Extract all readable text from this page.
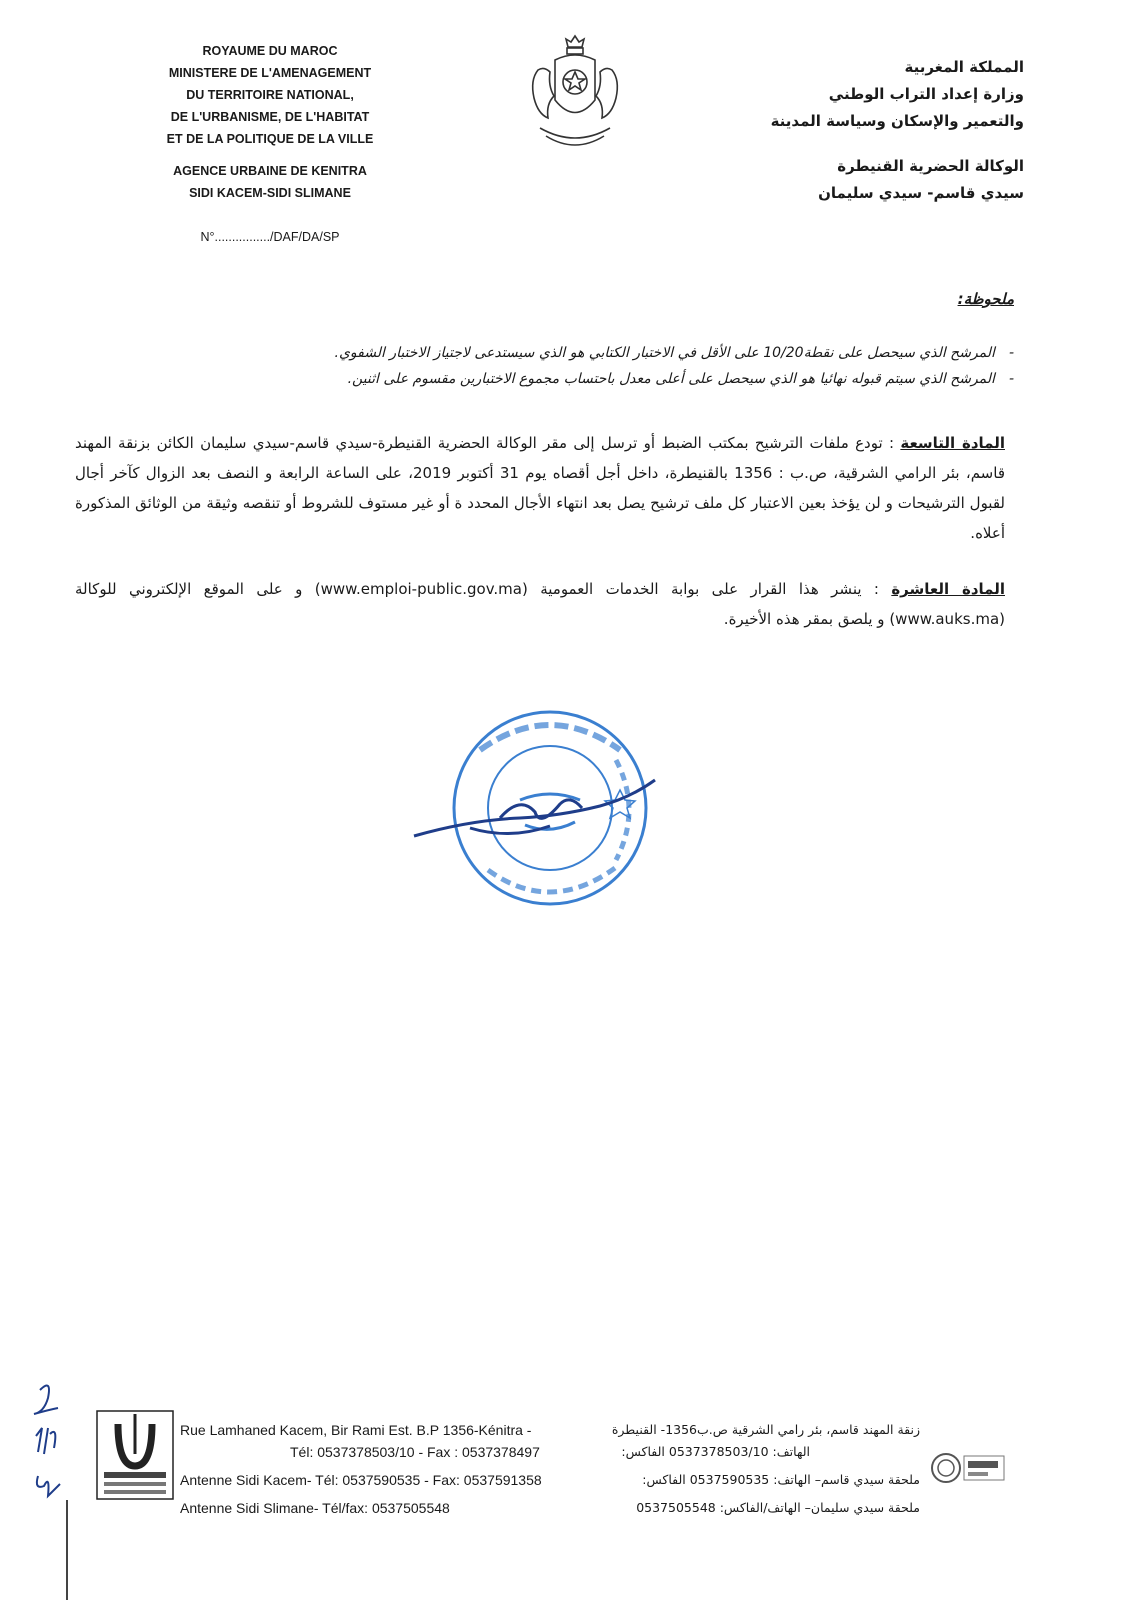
ROYAUME DU MAROC
MINISTERE DE L'AMENAGEMENT
DU TERRITOIRE NATIONAL,
DE L'URBANISME, DE L'HABITAT
ET DE LA POLITIQUE DE LA VILLE
AGENCE URBAINE DE KENITRA
SIDI KACEM-SIDI SLIMANE
N°................/DAF/DA/SP
المملكة المغربية
وزارة إعداد التراب الوطني
والتعمير والإسكان وسياسة المدينة
الوكالة الحضرية القنيطرة
سيدي قاسم- سيدي سليمان
ملحوظة:
- المرشح الذي سيحصل على نقطة10/20 على الأقل في الاختبار الكتابي هو الذي سيستدعى لاجتياز الاختبار الشفوي.
- المرشح الذي سيتم قبوله نهائيا هو الذي سيحصل على أعلى معدل باحتساب مجموع الاختبارين مقسوم على اثنين.
المادة التاسعة : تودع ملفات الترشيح بمكتب الضبط أو ترسل إلى مقر الوكالة الحضرية القنيطرة-سيدي قاسم-سيدي سليمان الكائن بزنقة المهند قاسم، بئر الرامي الشرقية، ص.ب : 1356 بالقنيطرة، داخل أجل أقصاه يوم 31 أكتوبر 2019، على الساعة الرابعة و النصف بعد الزوال كآخر أجال لقبول الترشيحات و لن يؤخذ بعين الاعتبار كل ملف ترشيح يصل بعد انتهاء الأجال المحدد ة أو غير مستوف للشروط أو تنقصه وثيقة من الوثائق المذكورة أعلاه.
المادة العاشرة : ينشر هذا القرار على بوابة الخدمات العمومية (www.emploi-public.gov.ma) و على الموقع الإلكتروني للوكالة (www.auks.ma) و يلصق بمقر هذه الأخيرة.
Rue Lamhaned Kacem, Bir Rami Est. B.P 1356-Kénitra -	زنقة المهند قاسم، بئر رامي الشرقية ص.ب1356- القنيطرة
Tél: 0537378503/10 - Fax : 0537378497	الهاتف: 0537378503/10 الفاكس:
Antenne Sidi Kacem- Tél: 0537590535 - Fax: 0537591358	ملحقة سيدي قاسم– الهاتف: 0537590535 الفاكس:
Antenne Sidi Slimane- Tél/fax: 0537505548	ملحقة سيدي سليمان– الهاتف/الفاكس: 0537505548
